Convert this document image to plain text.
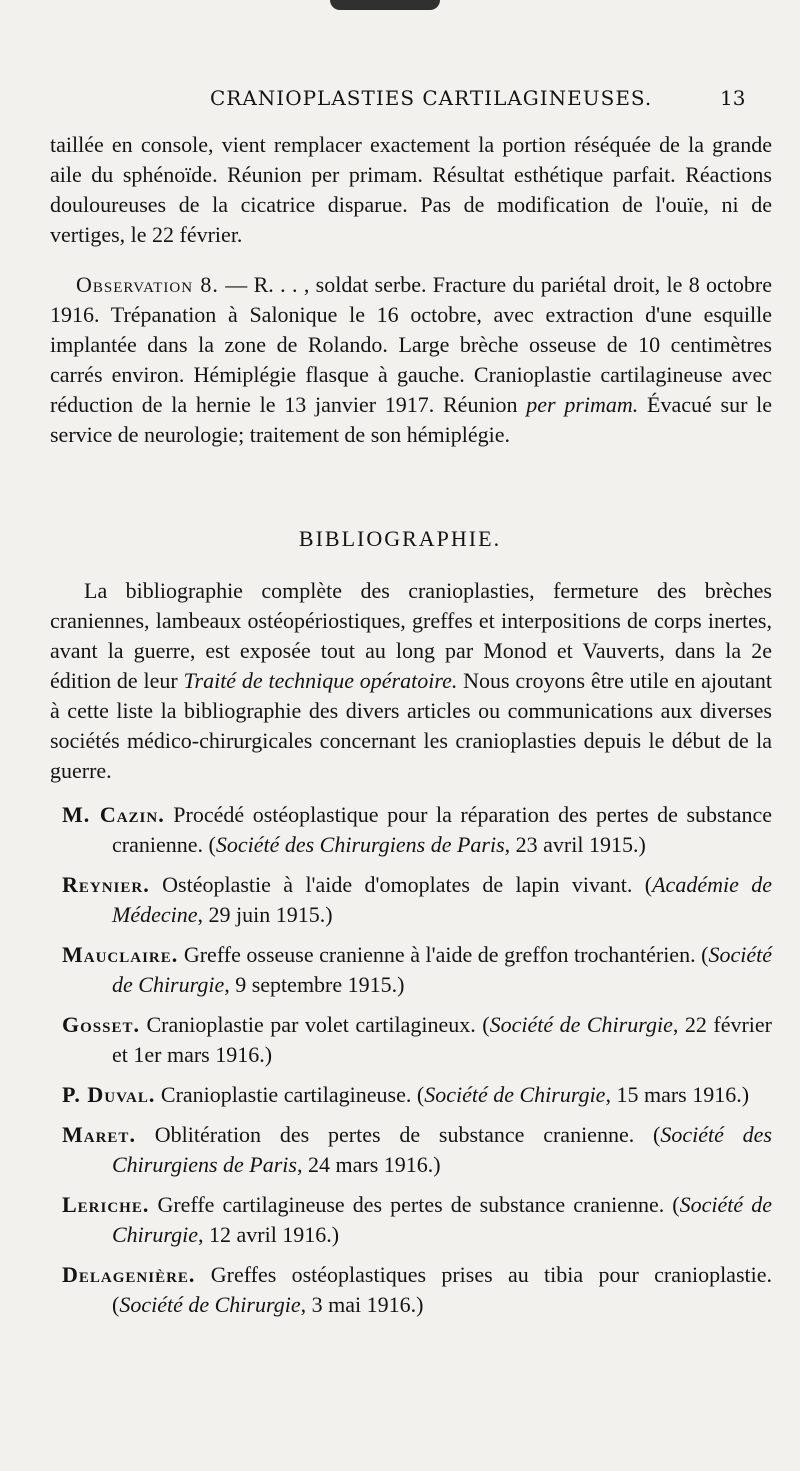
CRANIOPLASTIES CARTILAGINEUSES.	13
taillée en console, vient remplacer exactement la portion réséquée de la grande aile du sphénoïde. Réunion per primam. Résultat esthétique parfait. Réactions douloureuses de la cicatrice disparue. Pas de modification de l'ouïe, ni de vertiges, le 22 février.
Observation 8. — R. . . , soldat serbe. Fracture du pariétal droit, le 8 octobre 1916. Trépanation à Salonique le 16 octobre, avec extraction d'une esquille implantée dans la zone de Rolando. Large brèche osseuse de 10 centimètres carrés environ. Hémiplégie flasque à gauche. Cranioplastie cartilagineuse avec réduction de la hernie le 13 janvier 1917. Réunion per primam. Évacué sur le service de neurologie; traitement de son hémiplégie.
BIBLIOGRAPHIE.
La bibliographie complète des cranioplasties, fermeture des brèches craniennes, lambeaux ostéopériostiques, greffes et interpositions de corps inertes, avant la guerre, est exposée tout au long par Monod et Vauverts, dans la 2e édition de leur Traité de technique opératoire. Nous croyons être utile en ajoutant à cette liste la bibliographie des divers articles ou communications aux diverses sociétés médico-chirurgicales concernant les cranioplasties depuis le début de la guerre.
M. Cazin. Procédé ostéoplastique pour la réparation des pertes de substance cranienne. (Société des Chirurgiens de Paris, 23 avril 1915.)
Reynier. Ostéoplastie à l'aide d'omoplates de lapin vivant. (Académie de Médecine, 29 juin 1915.)
Mauclaire. Greffe osseuse cranienne à l'aide de greffon trochantérien. (Société de Chirurgie, 9 septembre 1915.)
Gosset. Cranioplastie par volet cartilagineux. (Société de Chirurgie, 22 février et 1er mars 1916.)
P. Duval. Cranioplastie cartilagineuse. (Société de Chirurgie, 15 mars 1916.)
Maret. Oblitération des pertes de substance cranienne. (Société des Chirurgiens de Paris, 24 mars 1916.)
Leriche. Greffe cartilagineuse des pertes de substance cranienne. (Société de Chirurgie, 12 avril 1916.)
Delagenière. Greffes ostéoplastiques prises au tibia pour cranioplastie. (Société de Chirurgie, 3 mai 1916.)
